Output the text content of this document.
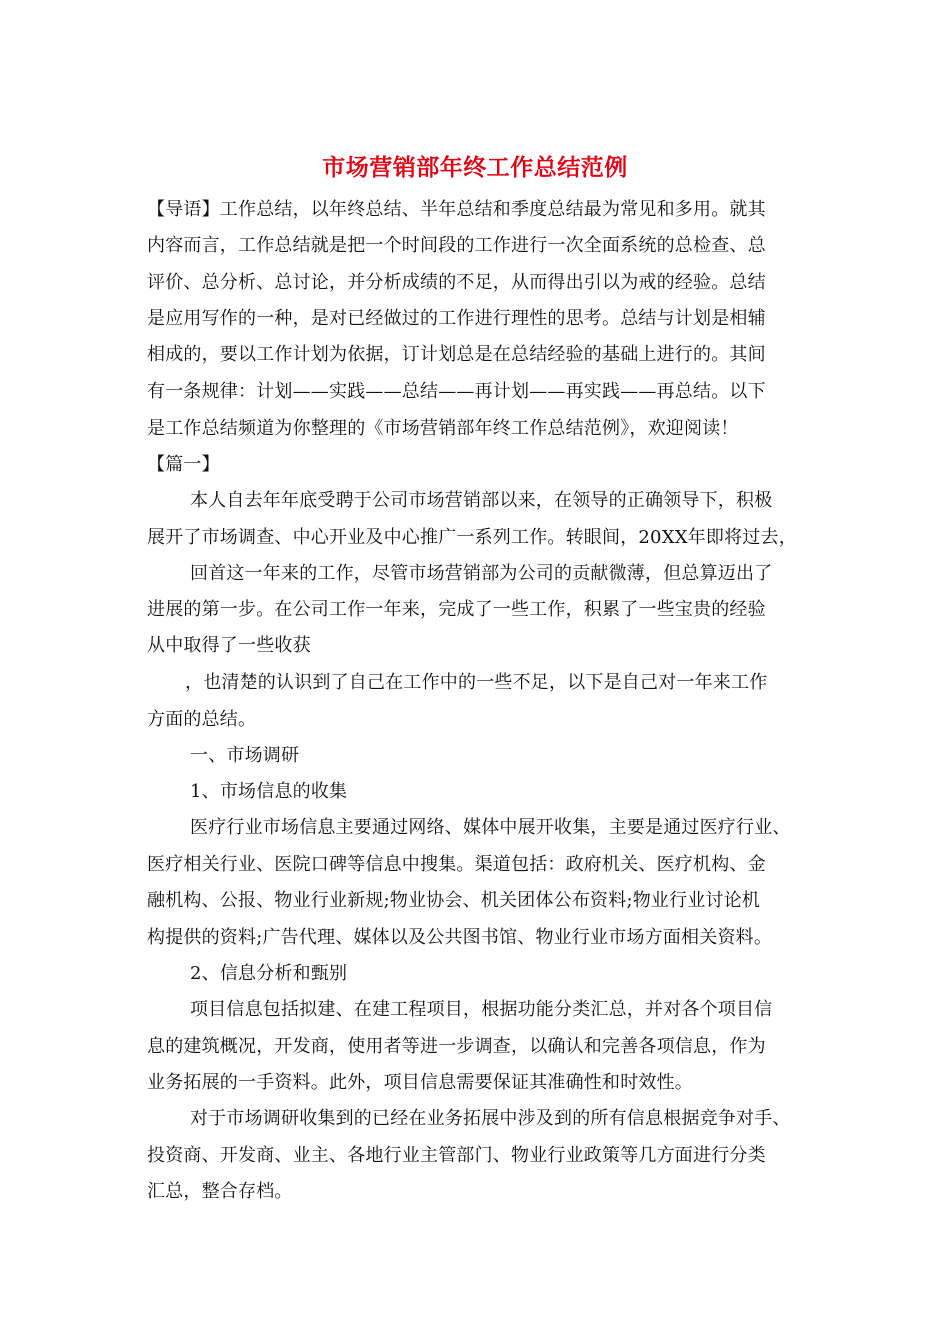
市场营销部年终工作总结范例
【导语】工作总结，以年终总结、半年总结和季度总结最为常见和多用。就其
内容而言，工作总结就是把一个时间段的工作进行一次全面系统的总检查、总
评价、总分析、总讨论，并分析成绩的不足，从而得出引以为戒的经验。总结
是应用写作的一种，是对已经做过的工作进行理性的思考。总结与计划是相辅
相成的，要以工作计划为依据，订计划总是在总结经验的基础上进行的。其间
有一条规律：计划——实践——总结——再计划——再实践——再总结。以下
是工作总结频道为你整理的《市场营销部年终工作总结范例》，欢迎阅读！
【篇一】
本人自去年年底受聘于公司市场营销部以来，在领导的正确领导下，积极
展开了市场调查、中心开业及中心推广一系列工作。转眼间，20XX年即将过去，
回首这一年来的工作，尽管市场营销部为公司的贡献微薄，但总算迈出了
进展的第一步。在公司工作一年来，完成了一些工作，积累了一些宝贵的经验
从中取得了一些收获
，也清楚的认识到了自己在工作中的一些不足，以下是自己对一年来工作
方面的总结。
一、市场调研
1、市场信息的收集
医疗行业市场信息主要通过网络、媒体中展开收集，主要是通过医疗行业、
医疗相关行业、医院口碑等信息中搜集。渠道包括：政府机关、医疗机构、金
融机构、公报、物业行业新规;物业协会、机关团体公布资料;物业行业讨论机
构提供的资料;广告代理、媒体以及公共图书馆、物业行业市场方面相关资料。
2、信息分析和甄别
项目信息包括拟建、在建工程项目，根据功能分类汇总，并对各个项目信
息的建筑概况，开发商，使用者等进一步调查，以确认和完善各项信息，作为
业务拓展的一手资料。此外，项目信息需要保证其准确性和时效性。
对于市场调研收集到的已经在业务拓展中涉及到的所有信息根据竞争对手、
投资商、开发商、业主、各地行业主管部门、物业行业政策等几方面进行分类
汇总，整合存档。
